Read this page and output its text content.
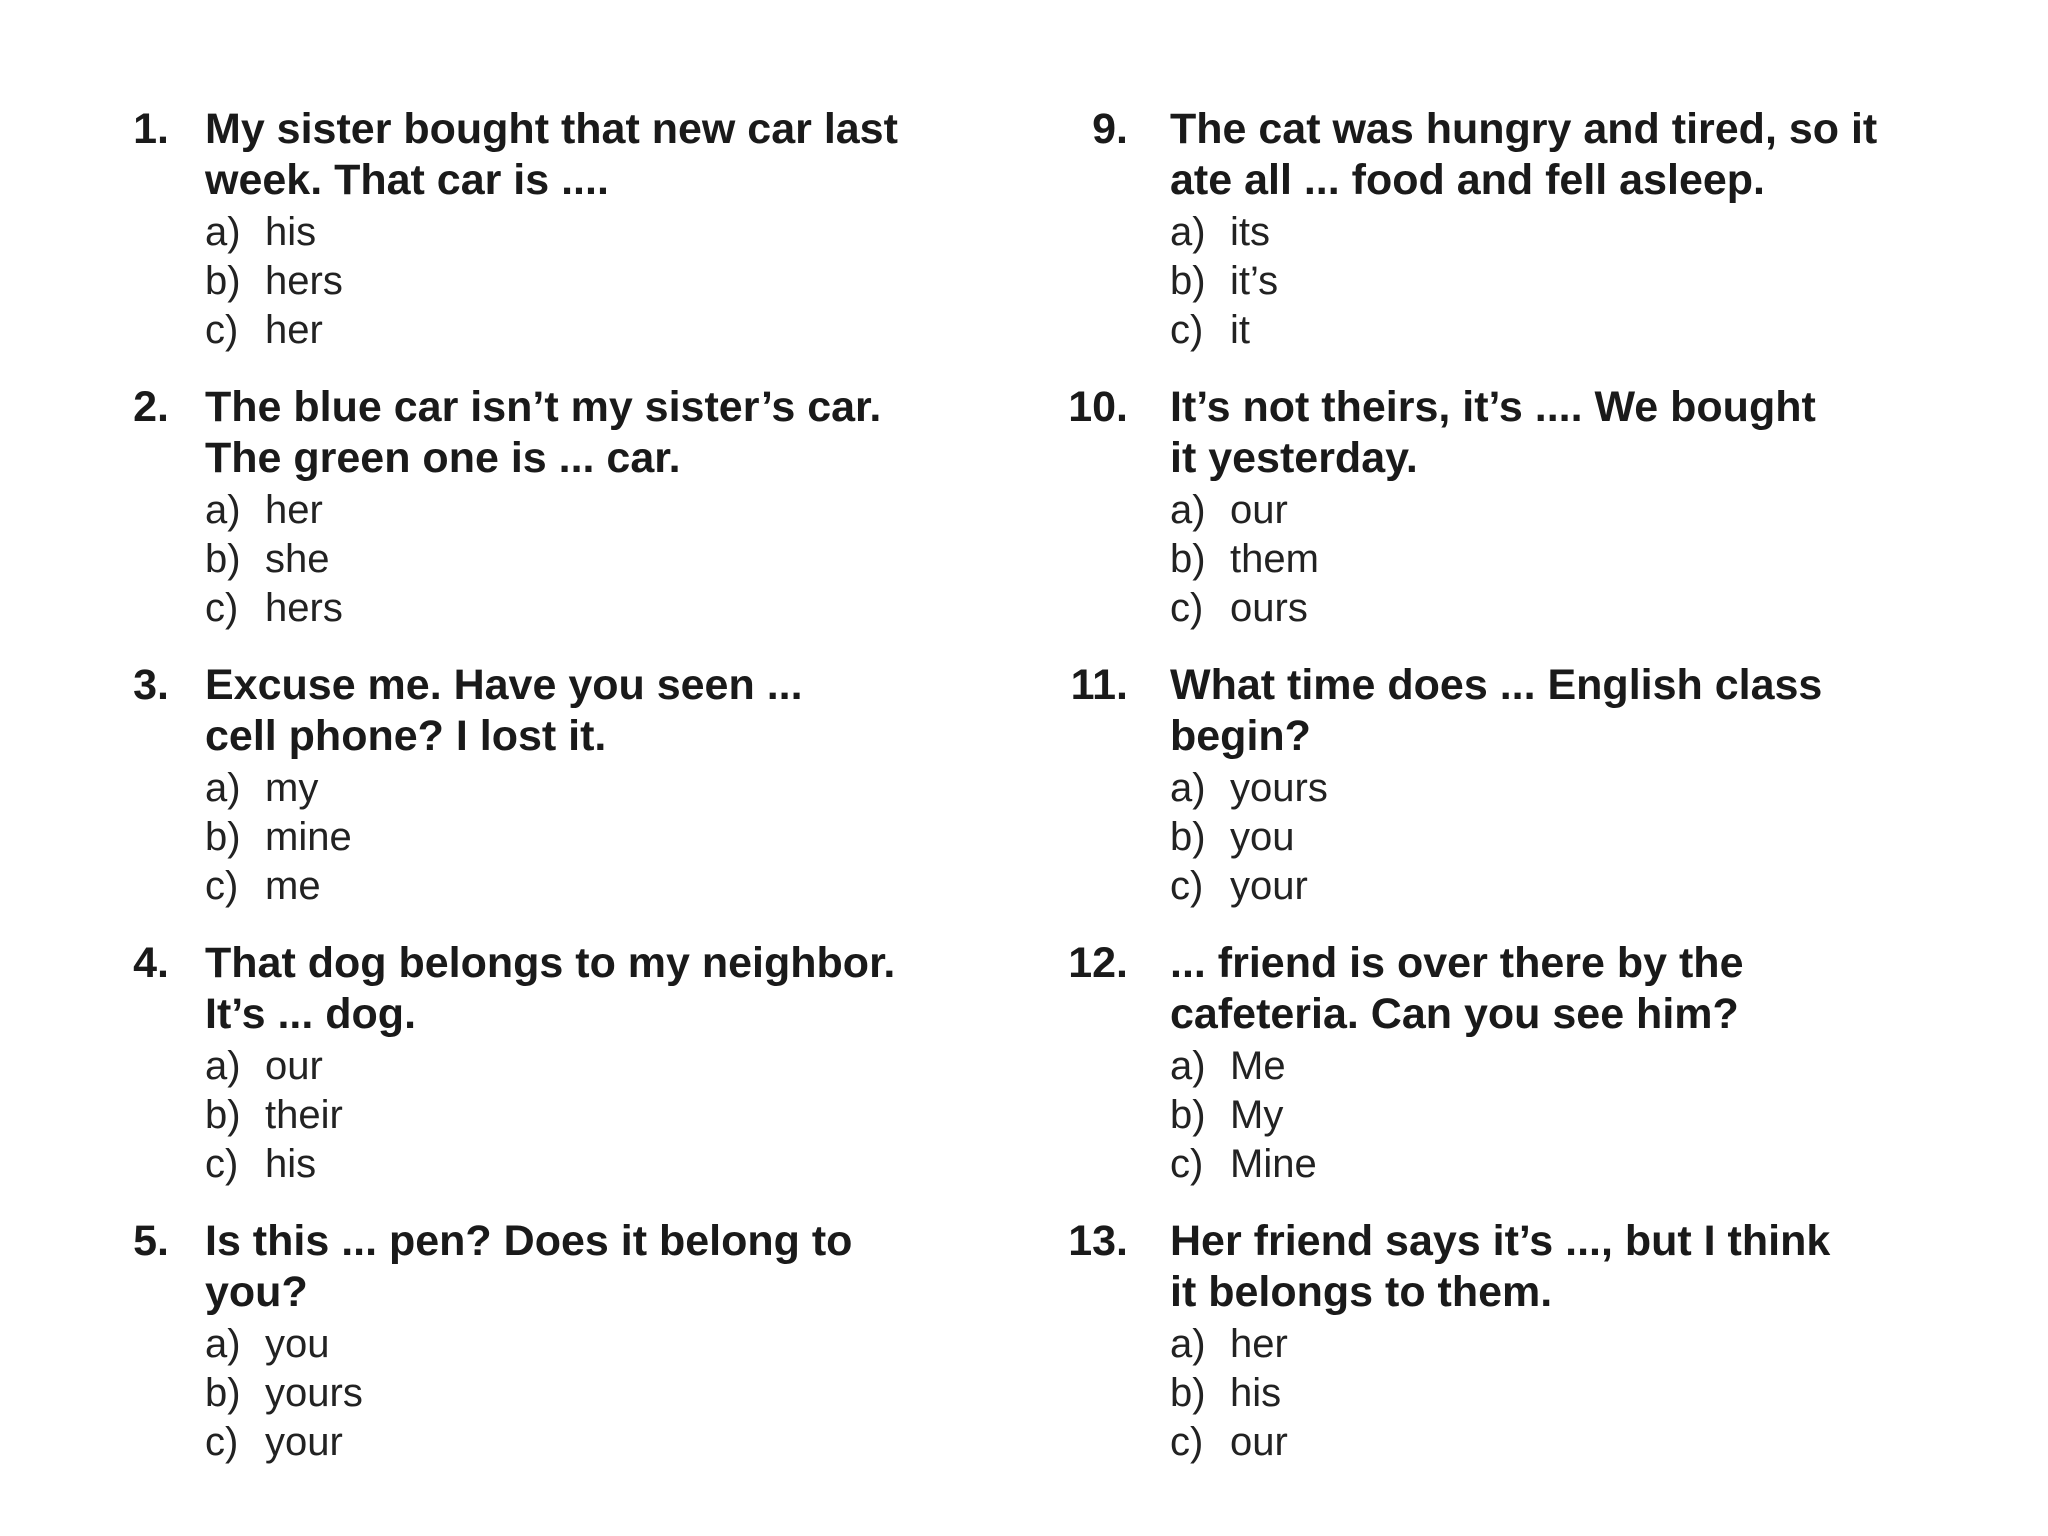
1. My sister bought that new car last
week. That car is ....
a) his
b) hers
c) her
2. The blue car isn’t my sister’s car.
The green one is ... car.
a) her
b) she
c) hers
3. Excuse me. Have you seen ...
cell phone? I lost it.
a) my
b) mine
c) me
4. That dog belongs to my neighbor.
It’s ... dog.
a) our
b) their
c) his
5. Is this ... pen? Does it belong to
you?
a) you
b) yours
c) your
9. The cat was hungry and tired, so it
ate all ... food and fell asleep.
a) its
b) it’s
c) it
10. It’s not theirs, it’s .... We bought
it yesterday.
a) our
b) them
c) ours
11. What time does ... English class
begin?
a) yours
b) you
c) your
12. ... friend is over there by the
cafeteria. Can you see him?
a) Me
b) My
c) Mine
13. Her friend says it’s ..., but I think
it belongs to them.
a) her
b) his
c) our
